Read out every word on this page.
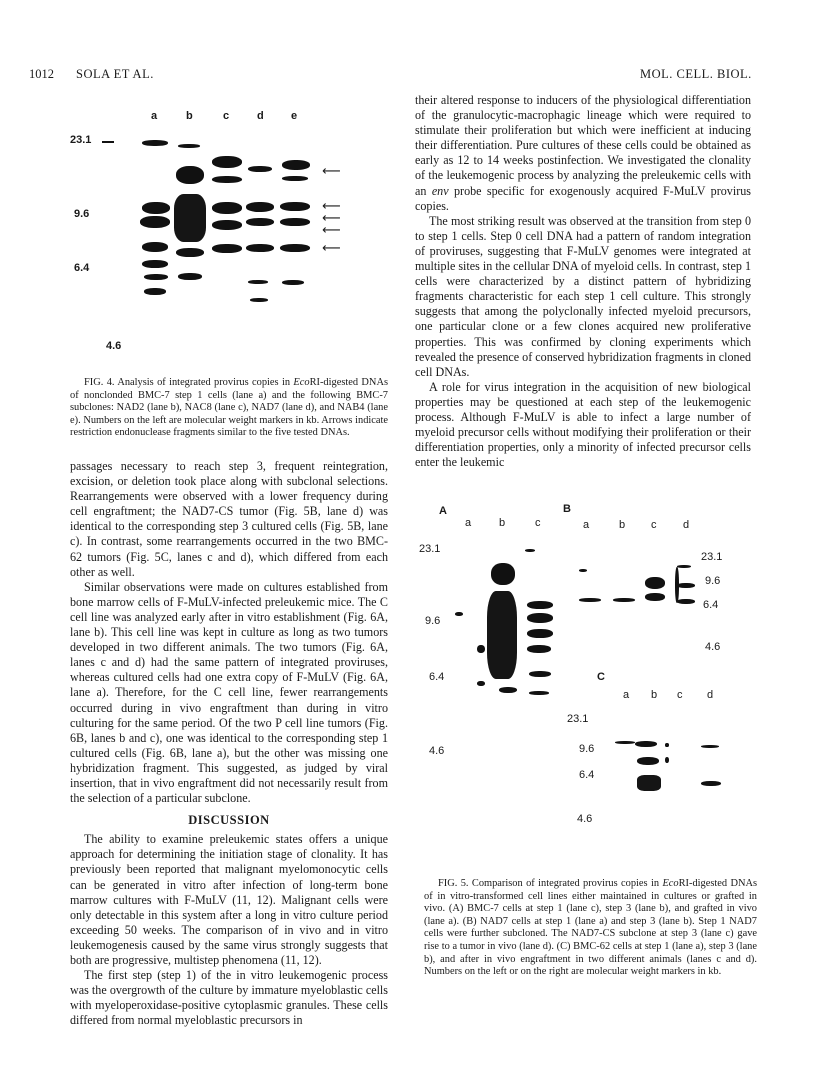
1012 SOLA ET AL.	MOL. CELL. BIOL.
a	b	c	d e
23.1
9.6
6.4
4.6
⟵
⟵
⟵
⟵
⟵

FIG. 4. Analysis of integrated provirus copies in EcoRI-digested DNAs of nonclonded BMC-7 step 1 cells (lane a) and the following BMC-7 subclones: NAD2 (lane b), NAC8 (lane c), NAD7 (lane d), and NAB4 (lane e). Numbers on the left are molecular weight markers in kb. Arrows indicate restriction endonuclease fragments similar to the five tested DNAs.

passages necessary to reach step 3, frequent reintegration, excision, or deletion took place along with subclonal selections. Rearrangements were observed with a lower frequency during cell engraftment; the NAD7-CS tumor (Fig. 5B, lane d) was identical to the corresponding step 3 cultured cells (Fig. 5B, lane c). In contrast, some rearrangements occurred in the two BMC-62 tumors (Fig. 5C, lanes c and d), which differed from each other as well.

Similar observations were made on cultures established from bone marrow cells of F-MuLV-infected preleukemic mice. The C cell line was analyzed early after in vitro establishment (Fig. 6A, lane b). This cell line was kept in culture as long as two tumors developed in two different animals. The two tumors (Fig. 6A, lanes c and d) had the same pattern of integrated proviruses, whereas cultured cells had one extra copy of F-MuLV (Fig. 6A, lane a). Therefore, for the C cell line, fewer rearrangements occurred during in vivo engraftment than during in vitro culturing for the same period. Of the two P cell line tumors (Fig. 6B, lanes b and c), one was identical to the corresponding step 1 cultured cells (Fig. 6B, lane a), but the other was missing one hybridization fragment. This suggested, as judged by viral insertion, that in vivo engraftment did not necessarily result from the selection of a particular subclone.

DISCUSSION

The ability to examine preleukemic states offers a unique approach for determining the initiation stage of clonality. It has previously been reported that malignant myelomonocytic cells can be generated in vitro after infection of long-term bone marrow cultures with F-MuLV (11, 12). Malignant cells were only detectable in this system after a long in vitro culture period exceeding 50 weeks. The comparison of in vivo and in vitro leukemogenesis caused by the same virus strongly suggests that both are progressive, multistep phenomena (11, 12).

The first step (step 1) of the in vitro leukemogenic process was the overgrowth of the culture by immature myeloblastic cells with myeloperoxidase-positive cytoplasmic granules. These cells differed from normal myeloblastic precursors in

their altered response to inducers of the physiological differentiation of the granulocytic-macrophagic lineage which were required to stimulate their proliferation but which were inefficient at inducing their differentiation. Pure cultures of these cells could be obtained as early as 12 to 14 weeks postinfection. We investigated the clonality of the leukemogenic process by analyzing the preleukemic cells with an env probe specific for exogenously acquired F-MuLV provirus copies.

The most striking result was observed at the transition from step 0 to step 1 cells. Step 0 cell DNA had a pattern of random integration of proviruses, suggesting that F-MuLV genomes were integrated at multiple sites in the cellular DNA of myeloid cells. In contrast, step 1 cells were characterized by a distinct pattern of hybridizing fragments characteristic for each step 1 cell culture. This strongly suggests that among the polyclonally infected myeloid precursors, one particular clone or a few clones acquired new proliferative properties. This was confirmed by cloning experiments which revealed the presence of conserved hybridization fragments in cloned cell DNAs.

A role for virus integration in the acquisition of new biological properties may be questioned at each step of the leukemogenic process. Although F-MuLV is able to infect a large number of myeloid precursor cells without modifying their proliferation or their differentiation properties, only a minority of infected precursor cells enter the leukemic

A
a	b	c
23.1
9.6
6.4
4.6
B
a	b c d
23.1
9.6
6.4
4.6
C
a b c d
23.1
9.6
6.4
4.6

FIG. 5. Comparison of integrated provirus copies in EcoRI-digested DNAs of in vitro-transformed cell lines either maintained in cultures or grafted in vivo. (A) BMC-7 cells at step 1 (lane c), step 3 (lane b), and grafted in vivo (lane a). (B) NAD7 cells at step 1 (lane a) and step 3 (lane b). Step 1 NAD7 cells were further subcloned. The NAD7-CS subclone at step 3 (lane c) gave rise to a tumor in vivo (lane d). (C) BMC-62 cells at step 1 (lane a), step 3 (lane b), and after in vivo engraftment in two different animals (lanes c and d). Numbers on the left or on the right are molecular weight markers in kb.
